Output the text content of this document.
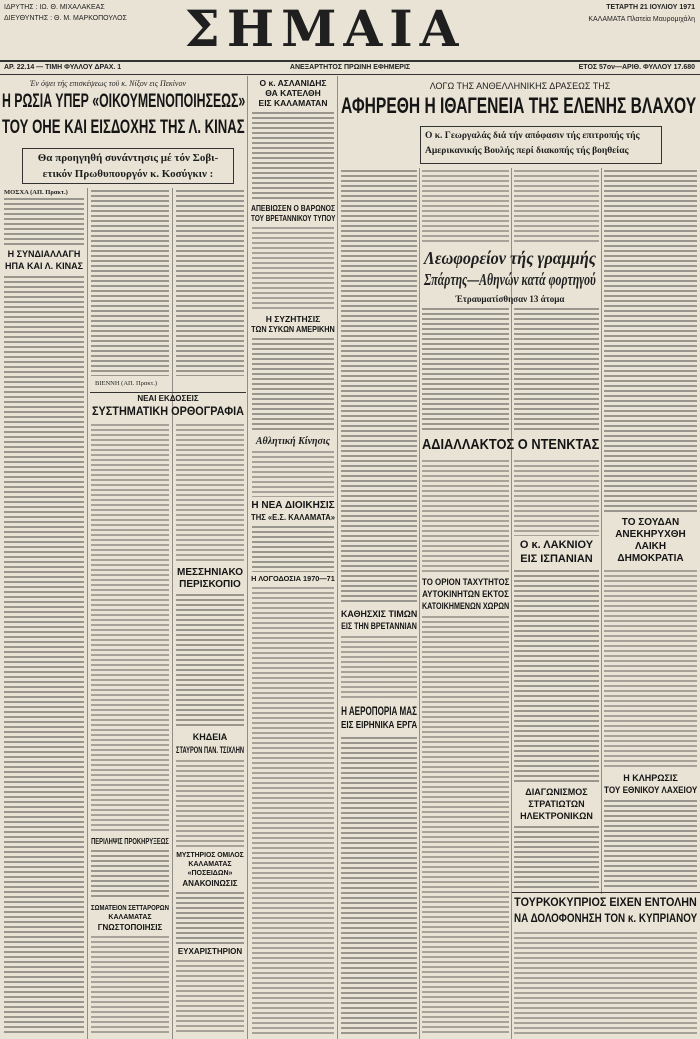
ΙΔΡΥΤΗΣ : ΙΩ. Θ. ΜΙΧΑΛΑΚΕΑΣ
ΔΙΕΥΘΥΝΤΗΣ : Θ. Μ. ΜΑΡΚΟΠΟΥΛΟΣ	ΣΗΜΑΙΑ	ΤΕΤΑΡΤΗ 21 ΙΟΥΛΙΟΥ 1971
ΚΑΛΑΜΑΤΑ Πλατεία Μαυρομιχάλη
ΑΡ. 22.14 — ΤΙΜΗ ΦΥΛΛΟΥ ΔΡΑΧ. 1	ΑΝΕΞΑΡΤΗΤΟΣ ΠΡΩΙΝΗ ΕΦΗΜΕΡΙΣ	ΕΤΟΣ 57ον—ΑΡΙΘ. ΦΥΛΛΟΥ 17.680
Έν όψει τής επισκέψεως τοϋ κ. Νίξον εις Πεκίνον
Η ΡΩΣΙΑ ΥΠΕΡ «ΟΙΚΟΥΜΕΝΟΠΟΙΗΣΕΩΣ»
ΤΟΥ ΟΗΕ ΚΑΙ ΕΙΣΔΟΧΗΣ ΤΗΣ Λ. ΚΙΝΑΣ
Θα προηγηθή συνάντησις μέ τόν Σοβι-
ετικόν Πρωθυπουργόν κ. Κοσύγκιν :
ΜΟΣΧΑ (ΑΠ. Πρακτ.)
Η ΣΥΝΔΙΑΛΛΑΓΗ
ΗΠΑ ΚΑΙ Λ. ΚΙΝΑΣ
ΒΙΕΝΝΗ (ΑΠ. Πρακτ.)
ΝΕΑΙ ΕΚΔΟΣΕΙΣ
ΣΥΣΤΗΜΑΤΙΚΗ ΟΡΘΟΓΡΑΦΙΑ
ΜΕΣΣΗΝΙΑΚΟ
ΠΕΡΙΣΚΟΠΙΟ
ΚΗΔΕΙΑ
ΣΤΑΥΡΟΝ ΠΑΝ. ΤΣΙΧΛΗΝ
ΜΥΣΤΗΡΙΟΣ ΟΜΙΛΟΣ
ΚΑΛΑΜΑΤΑΣ
«ΠΟΣΕΙΔΩΝ»
ΑΝΑΚΟΙΝΩΣΙΣ
ΕΥΧΑΡΙΣΤΗΡΙΟΝ
ΠΕΡΙΛΗΨΙΣ ΠΡΟΚΗΡΥΞΕΩΣ
ΣΩΜΑΤΕΙΟΝ ΣΕΤΤΑΡΟΡΩΝ
ΚΑΛΑΜΑΤΑΣ
ΓΝΩΣΤΟΠΟΙΗΣΙΣ
Ο κ. ΑΣΛΑΝΙΔΗΣ
ΘΑ ΚΑΤΕΛΘΗ
ΕΙΣ ΚΑΛΑΜΑΤΑΝ
ΑΠΕΒΙΩΣΕΝ Ο ΒΑΡΩΝΟΣ
ΤΟΥ ΒΡΕΤΑΝΝΙΚΟΥ ΤΥΠΟΥ
Η ΣΥΖΗΤΗΣΙΣ
ΤΩΝ ΣΥΚΩΝ ΑΜΕΡΙΚΗΝ
Αθλητική Κίνησις
Η ΝΕΑ ΔΙΟΙΚΗΣΙΣ
ΤΗΣ «Ε.Σ. ΚΑΛΑΜΑΤΑ»
Η ΛΟΓΟΔΟΣΙΑ 1970—71
ΛΟΓΩ ΤΗΣ ΑΝΘΕΛΛΗΝΙΚΗΣ ΔΡΑΣΕΩΣ ΤΗΣ
ΑΦΗΡΕΘΗ Η ΙΘΑΓΕΝΕΙΑ ΤΗΣ ΕΛΕΝΗΣ ΒΛΑΧΟΥ
Ο κ. Γεωργαλάς διά τήν απόφασιν τής επιτροπής τής
Αμερικανικής Βουλής περί διακοπής τής βοηθείας
Λεωφορείον τής γραμμής
Σπάρτης—Αθηνών κατά φορτηγού
Έτραυματίσθησαν 13 άτομα
ΑΔΙΑΛΛΑΚΤΟΣ Ο ΝΤΕΝΚΤΑΣ
Ο κ. ΛΑΚΝΙΟΥ
ΕΙΣ ΙΣΠΑΝΙΑΝ
ΤΟ ΟΡΙΟΝ ΤΑΧΥΤΗΤΟΣ
ΑΥΤΟΚΙΝΗΤΩΝ ΕΚΤΟΣ
ΚΑΤΟΙΚΗΜΕΝΩΝ ΧΩΡΩΝ
ΚΑΘΗΣΧΙΣ ΤΙΜΩΝ
ΕΙΣ ΤΗΝ ΒΡΕΤΑΝΝΙΑΝ
Η ΑΕΡΟΠΟΡΙΑ ΜΑΣ
ΕΙΣ ΕΙΡΗΝΙΚΑ ΕΡΓΑ
ΤΟ ΣΟΥΔΑΝ
ΑΝΕΚΗΡΥΧΘΗ
ΛΑΙΚΗ
ΔΗΜΟΚΡΑΤΙΑ
ΔΙΑΓΩΝΙΣΜΟΣ
ΣΤΡΑΤΙΩΤΩΝ
ΗΛΕΚΤΡΟΝΙΚΩΝ
Η ΚΛΗΡΩΣΙΣ
ΤΟΥ ΕΘΝΙΚΟΥ ΛΑΧΕΙΟΥ
ΤΟΥΡΚΟΚΥΠΡΙΟΣ ΕΙΧΕΝ ΕΝΤΟΛΗΝ
ΝΑ ΔΟΛΟΦΟΝΗΣΗ ΤΟΝ κ. ΚΥΠΡΙΑΝΟΥ
